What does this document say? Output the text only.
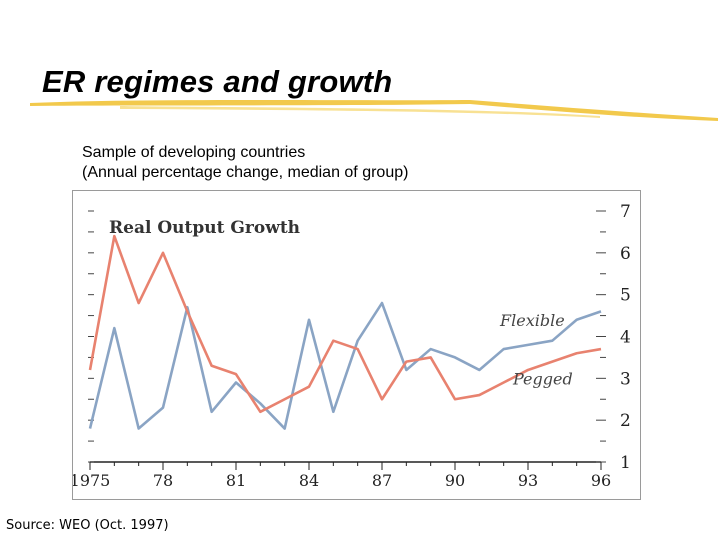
ER regimes and growth
Sample of developing countries
(Annual percentage change, median of group)
1
2
3
4
5
6
7
1975	78	81	84	87	90	93	96
Real Output Growth
Flexible
Pegged
Source: WEO (Oct. 1997)
